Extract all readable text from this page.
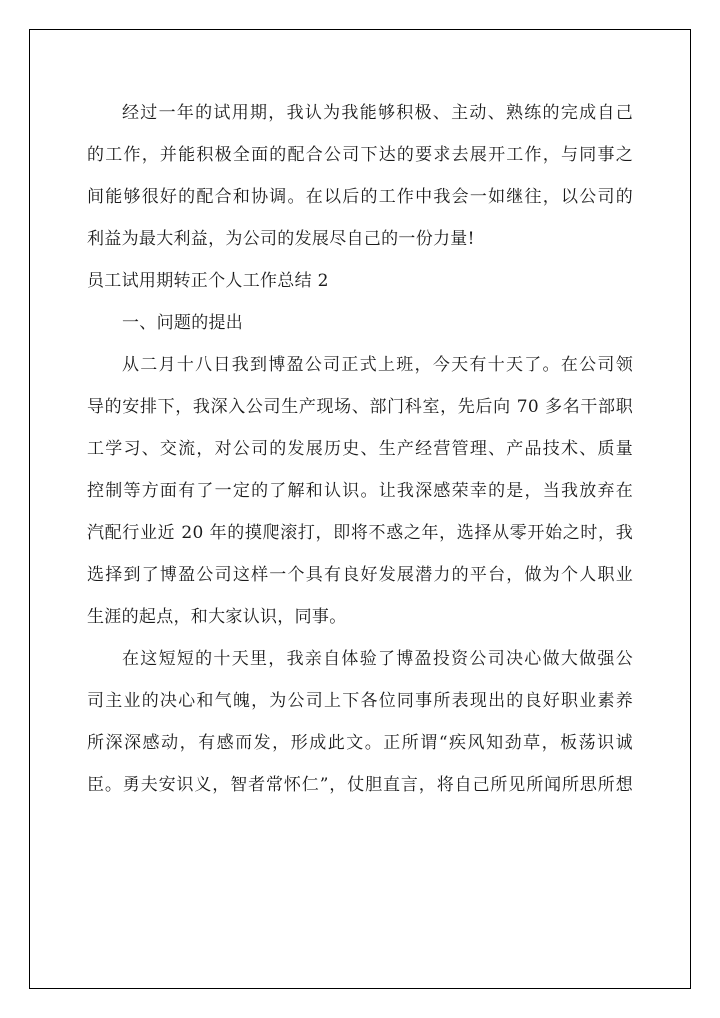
经过一年的试用期，我认为我能够积极、主动、熟练的完成自己
的工作，并能积极全面的配合公司下达的要求去展开工作，与同事之
间能够很好的配合和协调。在以后的工作中我会一如继往，以公司的
利益为最大利益，为公司的发展尽自己的一份力量!
员工试用期转正个人工作总结 2
一、问题的提出
从二月十八日我到博盈公司正式上班，今天有十天了。在公司领
导的安排下，我深入公司生产现场、部门科室，先后向 70 多名干部职
工学习、交流，对公司的发展历史、生产经营管理、产品技术、质量
控制等方面有了一定的了解和认识。让我深感荣幸的是，当我放弃在
汽配行业近 20 年的摸爬滚打，即将不惑之年，选择从零开始之时，我
选择到了博盈公司这样一个具有良好发展潜力的平台，做为个人职业
生涯的起点，和大家认识，同事。
在这短短的十天里，我亲自体验了博盈投资公司决心做大做强公
司主业的决心和气魄，为公司上下各位同事所表现出的良好职业素养
所深深感动，有感而发，形成此文。正所谓“疾风知劲草，板荡识诚
臣。勇夫安识义，智者常怀仁”，仗胆直言，将自己所见所闻所思所想
